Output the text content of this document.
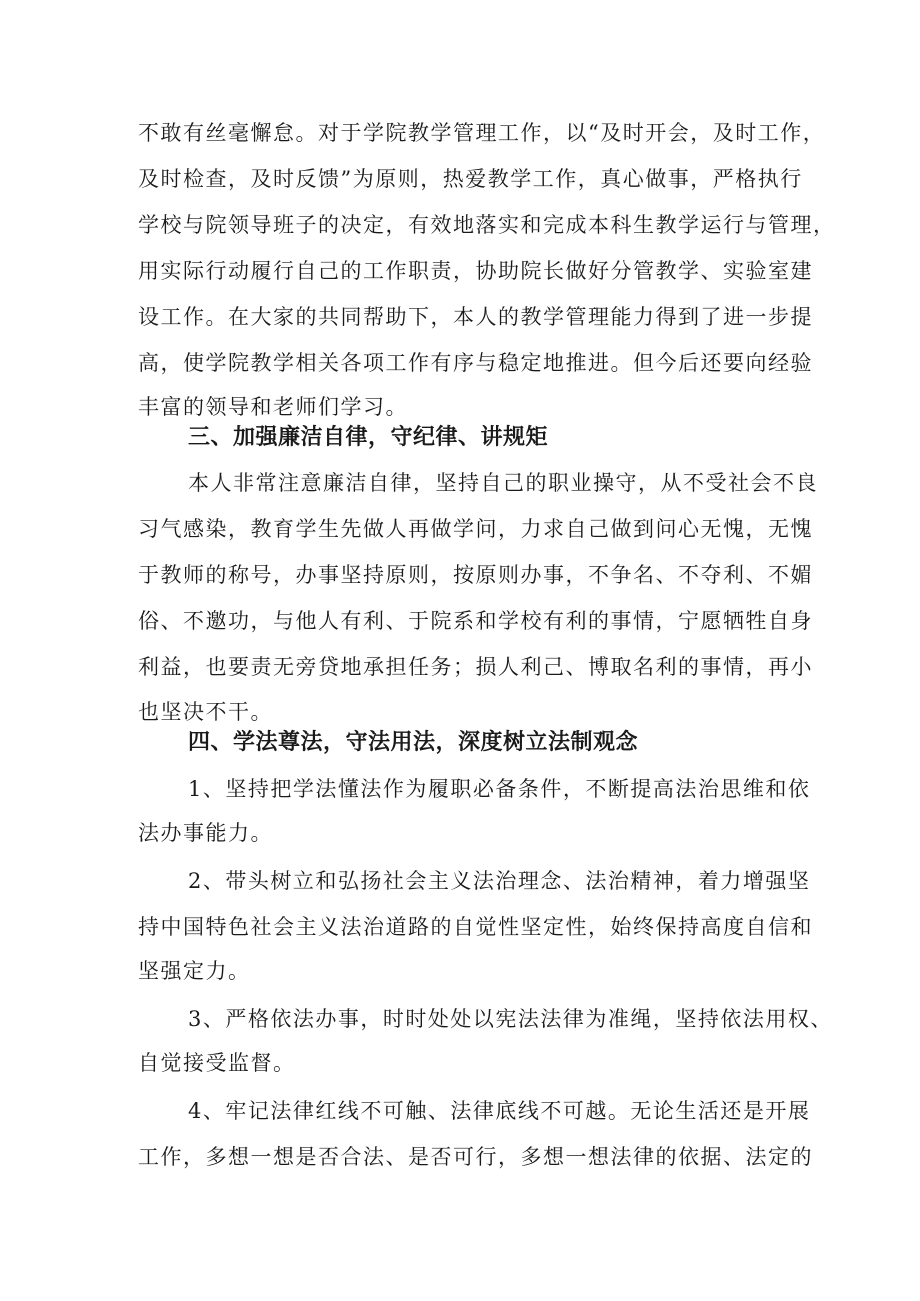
不敢有丝毫懈怠。对于学院教学管理工作，以“及时开会，及时工作，
及时检查，及时反馈”为原则，热爱教学工作，真心做事，严格执行
学校与院领导班子的决定，有效地落实和完成本科生教学运行与管理，
用实际行动履行自己的工作职责，协助院长做好分管教学、实验室建
设工作。在大家的共同帮助下，本人的教学管理能力得到了进一步提
高，使学院教学相关各项工作有序与稳定地推进。但今后还要向经验
丰富的领导和老师们学习。
三、加强廉洁自律，守纪律、讲规矩
本人非常注意廉洁自律，坚持自己的职业操守，从不受社会不良
习气感染，教育学生先做人再做学问，力求自己做到问心无愧，无愧
于教师的称号，办事坚持原则，按原则办事，不争名、不夺利、不媚
俗、不邀功，与他人有利、于院系和学校有利的事情，宁愿牺牲自身
利益，也要责无旁贷地承担任务；损人利己、博取名利的事情，再小
也坚决不干。
四、学法尊法，守法用法，深度树立法制观念
1、坚持把学法懂法作为履职必备条件，不断提高法治思维和依
法办事能力。
2、带头树立和弘扬社会主义法治理念、法治精神，着力增强坚
持中国特色社会主义法治道路的自觉性坚定性，始终保持高度自信和
坚强定力。
3、严格依法办事，时时处处以宪法法律为准绳，坚持依法用权、
自觉接受监督。
4、牢记法律红线不可触、法律底线不可越。无论生活还是开展
工作，多想一想是否合法、是否可行，多想一想法律的依据、法定的
